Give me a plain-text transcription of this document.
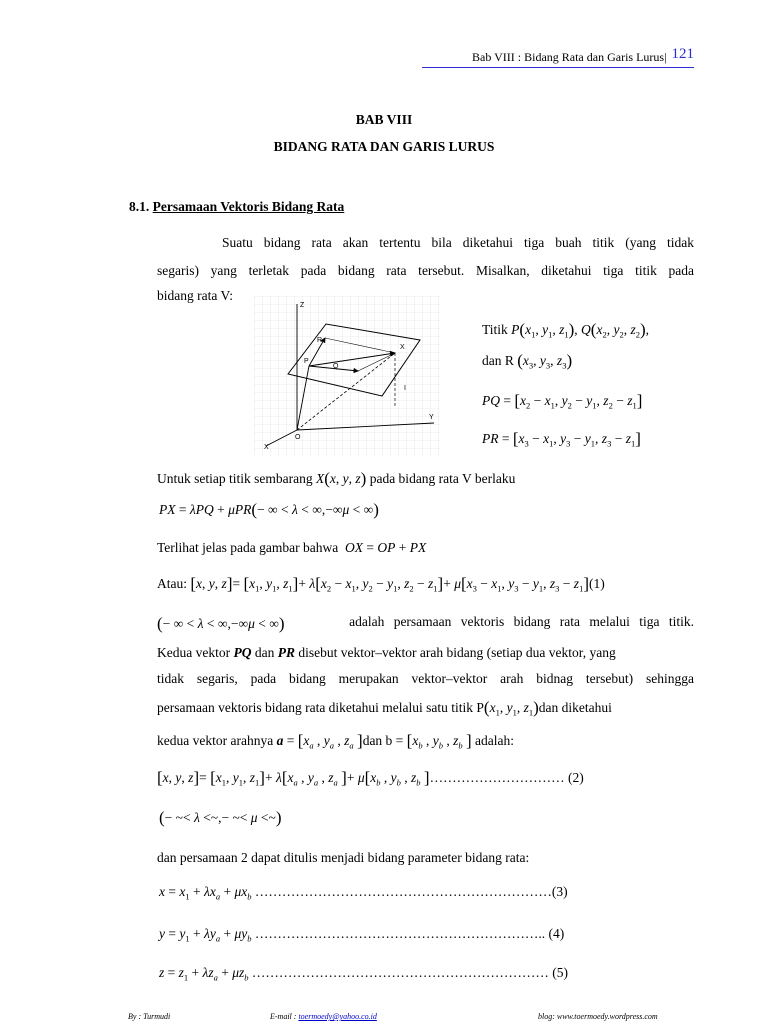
Bab VIII : Bidang Rata dan Garis Lurus| 121
BAB VIII
BIDANG RATA DAN GARIS LURUS
8.1. Persamaan Vektoris Bidang Rata
Suatu bidang rata akan tertentu bila diketahui tiga buah titik (yang tidak
segaris) yang terletak pada bidang rata tersebut. Misalkan, diketahui tiga titik pada
bidang rata V:
Z
Y
X
O
R
P
Q
X
I
Titik $P(x_1$, $y_1$, $z_1$), $Q(x_2$, $y_2$, $z_2$),
dan R ($x_3$, $y_3$, $z_3$)
PQ = [$x_2 - x_1$, $y_2 - y_1$, $z_2 - z_1$]
PR = [$x_3 - x_1$, $y_3 - y_1$, $z_3 - z_1$]
Untuk setiap titik sembarang X(x, y, z) pada bidang rata V berlaku
PX = λPQ + μPR(− ∞ < λ < ∞,−∞μ < ∞)
Terlihat jelas pada gambar bahwa OX = OP + PX
Atau: [x, y, $z]= [x_1$, $y_1$, $z_1]+ \lambda[x_2 - x_1$, $y_2 - y_1$, $z_2 - z_1]+ \mu[x_3 - x_1$, $y_3 - y_1$, $z_3 - z_1](1)$
(− ∞ < λ < ∞,−∞μ < ∞)	adalah persamaan vektoris bidang rata melalui tiga titik.
Kedua vektor PQ dan PR disebut vektor–vektor arah bidang (setiap dua vektor, yang
tidak segaris, pada bidang merupakan vektor–vektor arah bidnag tersebut) sehingga
persamaan vektoris bidang rata diketahui melalui satu titik $P(x_1$, $y_1$, $z_1)dan$ diketahui
kedua vektor arahnya $a = [x_a$ , $y_a$ , $z_a$ ]dan $b = [x_b$ , $y_b$ , $z_b$ ] adalah:
[x, y, $z]= [x_1$, $y_1$, $z_1]+ \lambda[x_a$ , $y_a$ , $z_a$ ]+ $\mu[x_b$ , $y_b$ , $z_b$ ]………………………… (2)
(− ~< λ <~,− ~< μ <~)
dan persamaan 2 dapat ditulis menjadi bidang parameter bidang rata:
$x = x_1 + \lambda x_a + \mu x_b$ …………………………………………………………(3)
$y = y_1 + \lambda y_a + \mu y_b$ ……………………………………………………….. (4)
$z = z_1 + \lambda z_a + \mu z_b$ ………………………………………………………… (5)
By : Turmudi	E-mail : toermoedy@yahoo.co.id	blog: www.toermoedy.wordpress.com
